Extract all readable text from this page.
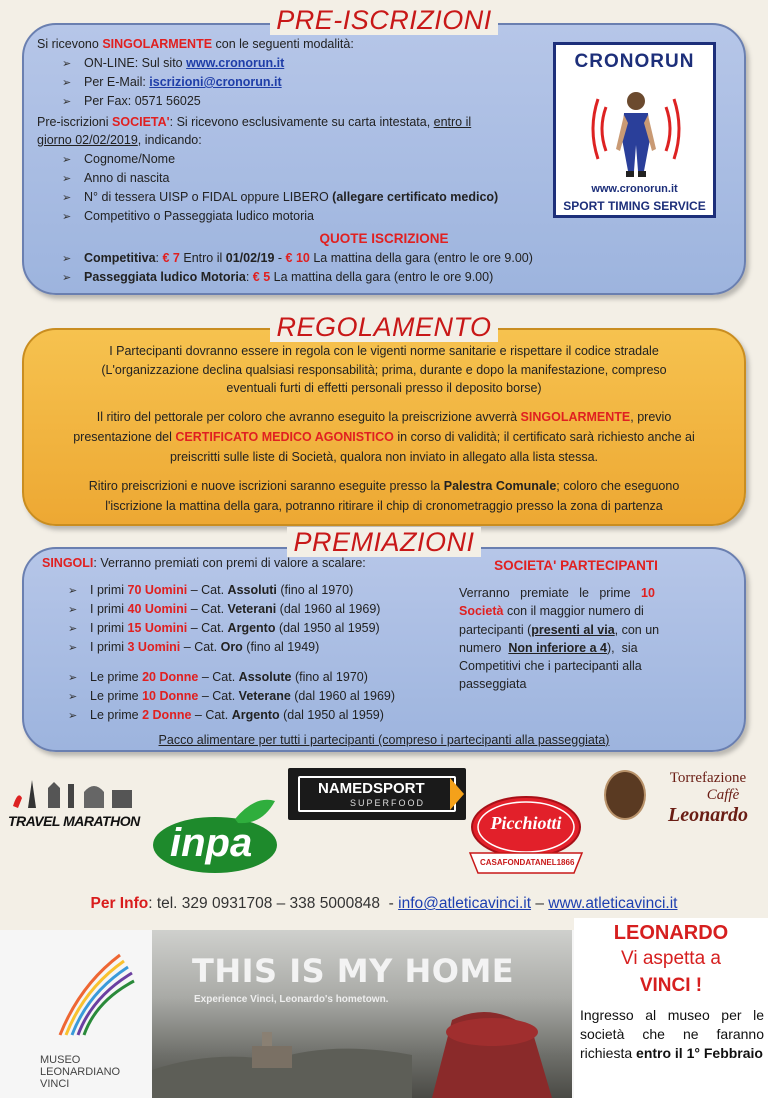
PRE-ISCRIZIONI
Si ricevono SINGOLARMENTE con le seguenti modalità:
➢ ON-LINE: Sul sito www.cronorun.it
➢ Per E-Mail: iscrizioni@cronorun.it
➢ Per Fax: 0571 56025
Pre-iscrizioni SOCIETA': Si ricevono esclusivamente su carta intestata, entro il
giorno 02/02/2019, indicando:
➢ Cognome/Nome
➢ Anno di nascita
➢ N° di tessera UISP o FIDAL oppure LIBERO (allegare certificato medico)
➢ Competitivo o Passeggiata ludico motoria
QUOTE ISCRIZIONE
➢ Competitiva: € 7 Entro il 01/02/19 - € 10 La mattina della gara (entro le ore 9.00)
➢ Passeggiata ludico Motoria: € 5 La mattina della gara (entro le ore 9.00)
CRONORUN
www.cronorun.it
SPORT TIMING SERVICE
REGOLAMENTO
I Partecipanti dovranno essere in regola con le vigenti norme sanitarie e rispettare il codice stradale
(L'organizzazione declina qualsiasi responsabilità; prima, durante e dopo la manifestazione, compreso
eventuali furti di effetti personali presso il deposito borse)
Il ritiro del pettorale per coloro che avranno eseguito la preiscrizione avverrà SINGOLARMENTE, previo
presentazione del CERTIFICATO MEDICO AGONISTICO in corso di validità; il certificato sarà richiesto anche ai
preiscritti sulle liste di Società, qualora non inviato in allegato alla lista stessa.
Ritiro preiscrizioni e nuove iscrizioni saranno eseguite presso la Palestra Comunale; coloro che eseguono
l'iscrizione la mattina della gara, potranno ritirare il chip di cronometraggio presso la zona di partenza
PREMIAZIONI
SINGOLI: Verranno premiati con premi di valore a scalare:
➢ I primi 70 Uomini – Cat. Assoluti (fino al 1970)
➢ I primi 40 Uomini – Cat. Veterani (dal 1960 al 1969)
➢ I primi 15 Uomini – Cat. Argento (dal 1950 al 1959)
➢ I primi 3 Uomini – Cat. Oro (fino al 1949)
➢ Le prime 20 Donne – Cat. Assolute (fino al 1970)
➢ Le prime 10 Donne – Cat. Veterane (dal 1960 al 1969)
➢ Le prime 2 Donne – Cat. Argento (dal 1950 al 1959)
SOCIETA' PARTECIPANTI
Verranno   premiate   le   prime   10
Società con il maggior numero di
partecipanti (presenti al via, con un
numero  Non inferiore a 4),  sia
Competitivi che i partecipanti alla
passeggiata
Pacco alimentare per tutti i partecipanti (compreso i partecipanti alla passeggiata)
TRAVEL MARATHON
NAMEDSPORT
SUPERFOOD
inpa	Picchiotti
CASA FONDATA NEL1866
Torrefazione
Caffè
Leonardo
Per Info: tel. 329 0931708 – 338 5000848  - info@atleticavinci.it – www.atleticavinci.it
MUSEO
LEONARDIANO
VINCI
THIS IS MY HOME
Experience Vinci, Leonardo's hometown.
LEONARDO
Vi aspetta a
VINCI !
Ingresso al museo per le società che ne faranno richiesta entro il 1° Febbraio
